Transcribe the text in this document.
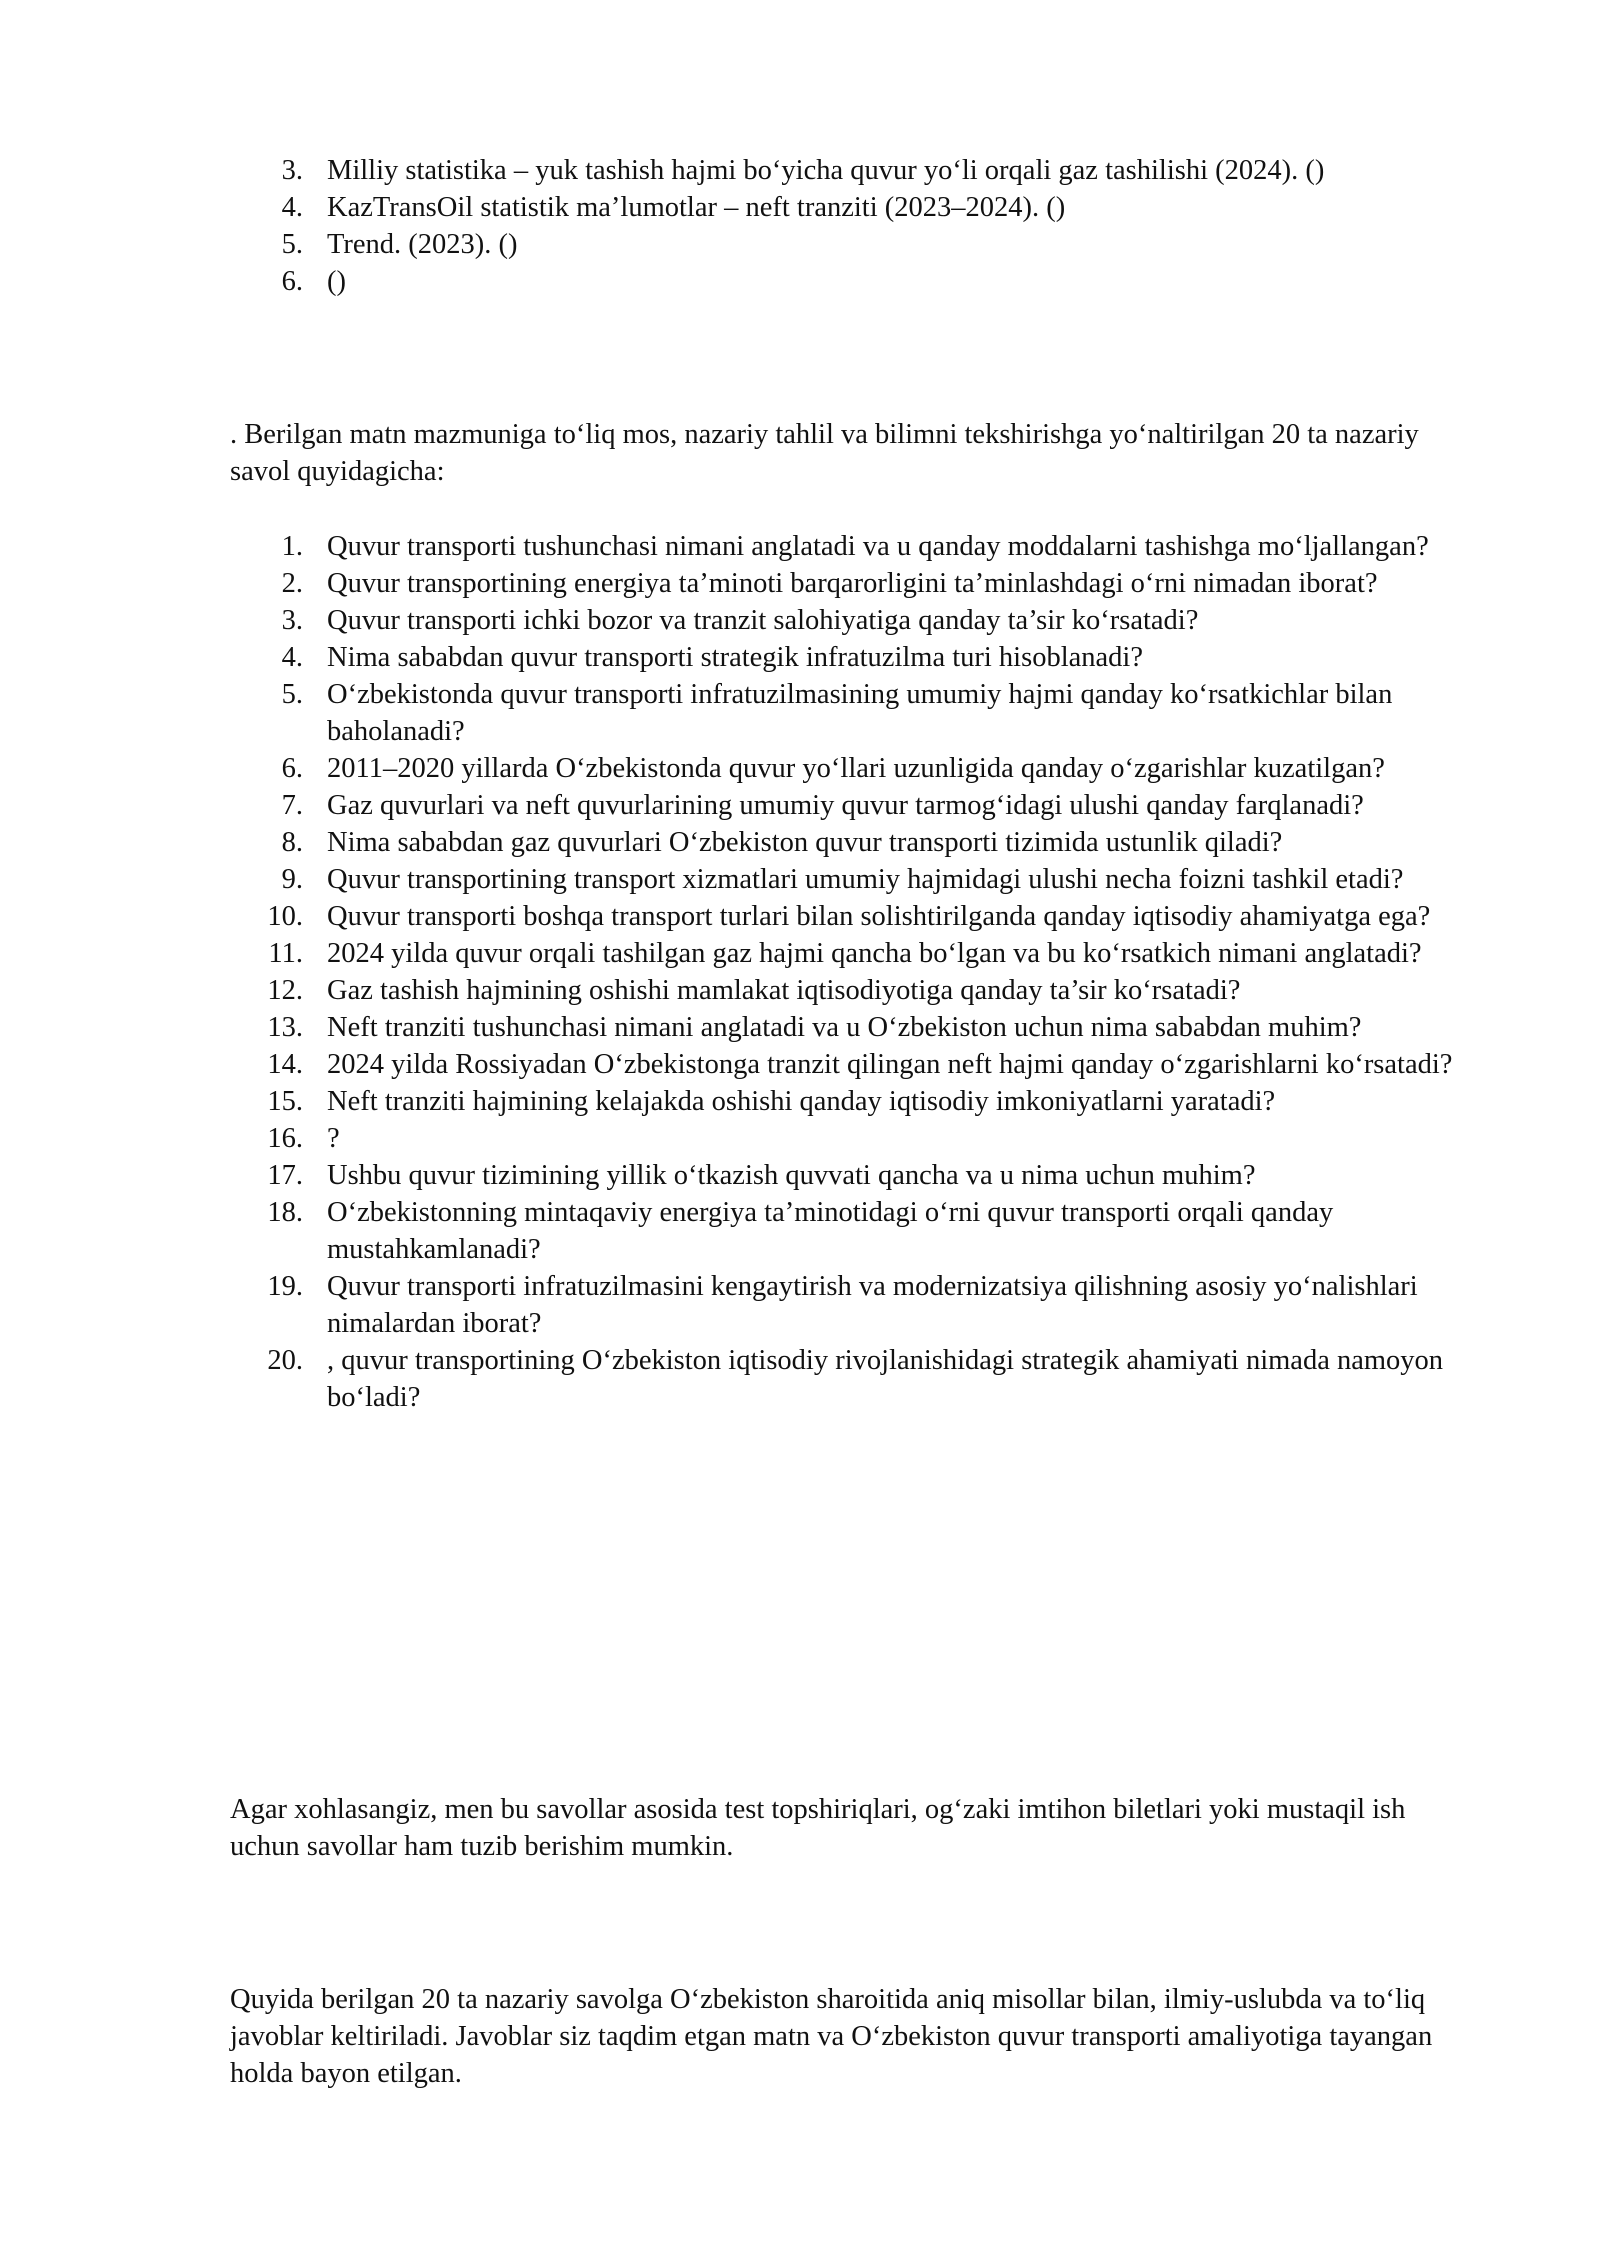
3. Milliy statistika – yuk tashish hajmi bo‘yicha quvur yo‘li orqali gaz tashilishi (2024). ()
4. KazTransOil statistik ma’lumotlar – neft tranziti (2023–2024). ()
5. Trend. (2023). ()
6. ()

. Berilgan matn mazmuniga to‘liq mos, nazariy tahlil va bilimni tekshirishga yo‘naltirilgan 20 ta nazariy savol quyidagicha:

1. Quvur transporti tushunchasi nimani anglatadi va u qanday moddalarni tashishga mo‘ljallangan?
2. Quvur transportining energiya ta’minoti barqarorligini ta’minlashdagi o‘rni nimadan iborat?
3. Quvur transporti ichki bozor va tranzit salohiyatiga qanday ta’sir ko‘rsatadi?
4. Nima sababdan quvur transporti strategik infratuzilma turi hisoblanadi?
5. O‘zbekistonda quvur transporti infratuzilmasining umumiy hajmi qanday ko‘rsatkichlar bilan baholanadi?
6. 2011–2020 yillarda O‘zbekistonda quvur yo‘llari uzunligida qanday o‘zgarishlar kuzatilgan?
7. Gaz quvurlari va neft quvurlarining umumiy quvur tarmog‘idagi ulushi qanday farqlanadi?
8. Nima sababdan gaz quvurlari O‘zbekiston quvur transporti tizimida ustunlik qiladi?
9. Quvur transportining transport xizmatlari umumiy hajmidagi ulushi necha foizni tashkil etadi?
10. Quvur transporti boshqa transport turlari bilan solishtirilganda qanday iqtisodiy ahamiyatga ega?
11. 2024 yilda quvur orqali tashilgan gaz hajmi qancha bo‘lgan va bu ko‘rsatkich nimani anglatadi?
12. Gaz tashish hajmining oshishi mamlakat iqtisodiyotiga qanday ta’sir ko‘rsatadi?
13. Neft tranziti tushunchasi nimani anglatadi va u O‘zbekiston uchun nima sababdan muhim?
14. 2024 yilda Rossiyadan O‘zbekistonga tranzit qilingan neft hajmi qanday o‘zgarishlarni ko‘rsatadi?
15. Neft tranziti hajmining kelajakda oshishi qanday iqtisodiy imkoniyatlarni yaratadi?
16. ?
17. Ushbu quvur tizimining yillik o‘tkazish quvvati qancha va u nima uchun muhim?
18. O‘zbekistonning mintaqaviy energiya ta’minotidagi o‘rni quvur transporti orqali qanday mustahkamlanadi?
19. Quvur transporti infratuzilmasini kengaytirish va modernizatsiya qilishning asosiy yo‘nalishlari nimalardan iborat?
20. , quvur transportining O‘zbekiston iqtisodiy rivojlanishidagi strategik ahamiyati nimada namoyon bo‘ladi?

Agar xohlasangiz, men bu savollar asosida test topshiriqlari, og‘zaki imtihon biletlari yoki mustaqil ish uchun savollar ham tuzib berishim mumkin.

Quyida berilgan 20 ta nazariy savolga O‘zbekiston sharoitida aniq misollar bilan, ilmiy-uslubda va to‘liq javoblar keltiriladi. Javoblar siz taqdim etgan matn va O‘zbekiston quvur transporti amaliyotiga tayangan holda bayon etilgan.
